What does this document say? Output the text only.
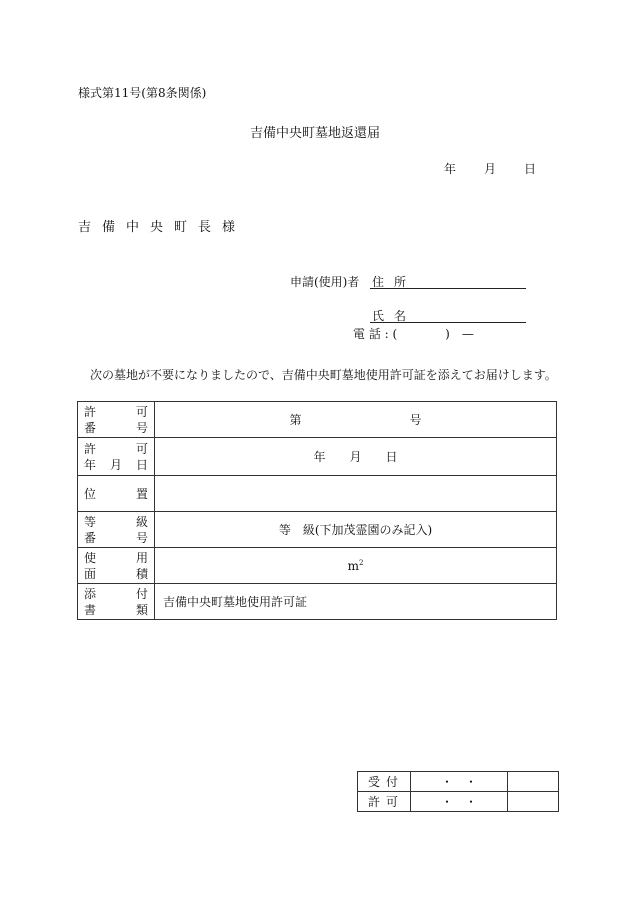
様式第11号(第8条関係)
吉備中央町墓地返還届
年 月 日
吉備中央町長様
申請(使用)者 住 所
氏 名
電 話 : (　　　　)　—
次の墓地が不要になりましたので、吉備中央町墓地使用許可証を添えてお届けします。
許 可
番 号	第　　　　　　　　　号

許 可
年 月 日	年　　月　　日

位 置	

等 級
番 号	等　級(下加茂霊園のみ記入)

使 用
面 積	$m^2$

添 付
書 類	吉備中央町墓地使用許可証
受 付	・　・	

許 可	・　・	
